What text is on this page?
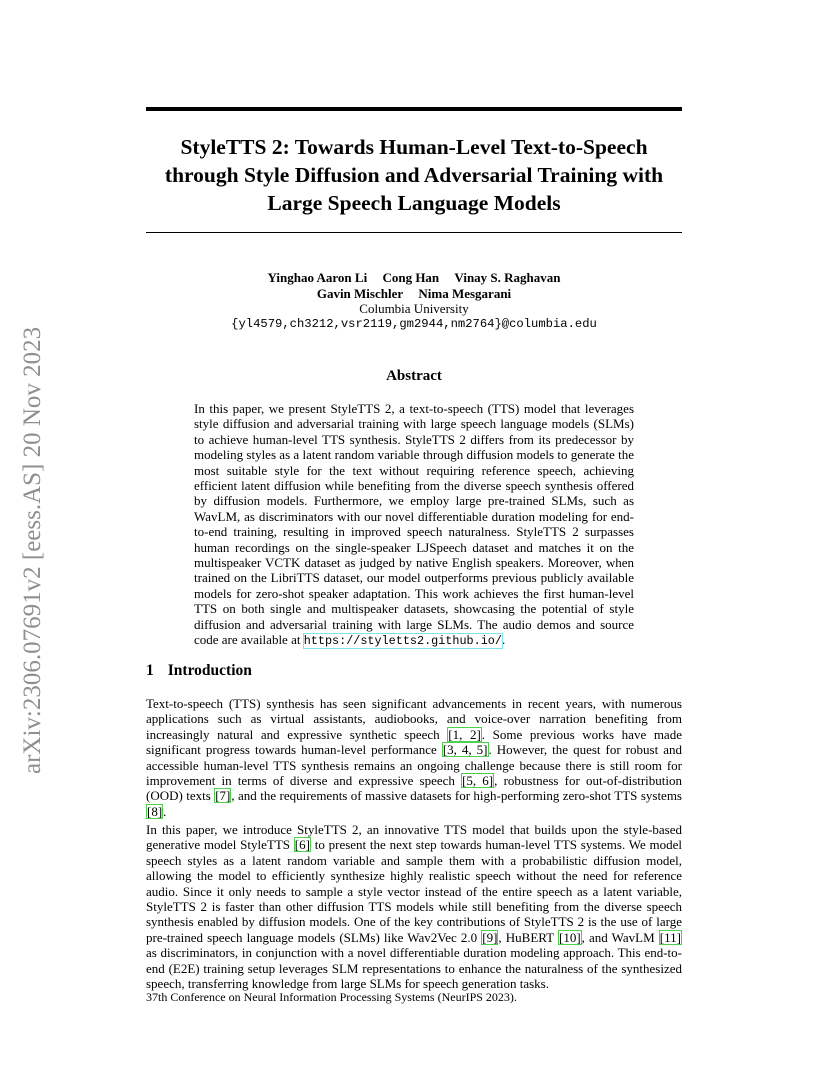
arXiv:2306.07691v2 [eess.AS] 20 Nov 2023
StyleTTS 2: Towards Human-Level Text-to-Speech
through Style Diffusion and Adversarial Training with
Large Speech Language Models
Yinghao Aaron Li Cong Han Vinay S. Raghavan
Gavin Mischler Nima Mesgarani
Columbia University
{yl4579,ch3212,vsr2119,gm2944,nm2764}@columbia.edu
Abstract
In this paper, we present StyleTTS 2, a text-to-speech (TTS) model that leverages style diffusion and adversarial training with large speech language models (SLMs) to achieve human-level TTS synthesis. StyleTTS 2 differs from its predecessor by modeling styles as a latent random variable through diffusion models to generate the most suitable style for the text without requiring reference speech, achieving efficient latent diffusion while benefiting from the diverse speech synthesis offered by diffusion models. Furthermore, we employ large pre-trained SLMs, such as WavLM, as discriminators with our novel differentiable duration modeling for end-to-end training, resulting in improved speech naturalness. StyleTTS 2 surpasses human recordings on the single-speaker LJSpeech dataset and matches it on the multispeaker VCTK dataset as judged by native English speakers. Moreover, when trained on the LibriTTS dataset, our model outperforms previous publicly available models for zero-shot speaker adaptation. This work achieves the first human-level TTS on both single and multispeaker datasets, showcasing the potential of style diffusion and adversarial training with large SLMs. The audio demos and source code are available at https://styletts2.github.io/.
1 Introduction
Text-to-speech (TTS) synthesis has seen significant advancements in recent years, with numerous applications such as virtual assistants, audiobooks, and voice-over narration benefiting from increasingly natural and expressive synthetic speech [1, 2]. Some previous works have made significant progress towards human-level performance [3, 4, 5]. However, the quest for robust and accessible human-level TTS synthesis remains an ongoing challenge because there is still room for improvement in terms of diverse and expressive speech [5, 6], robustness for out-of-distribution (OOD) texts [7], and the requirements of massive datasets for high-performing zero-shot TTS systems [8].
In this paper, we introduce StyleTTS 2, an innovative TTS model that builds upon the style-based generative model StyleTTS [6] to present the next step towards human-level TTS systems. We model speech styles as a latent random variable and sample them with a probabilistic diffusion model, allowing the model to efficiently synthesize highly realistic speech without the need for reference audio. Since it only needs to sample a style vector instead of the entire speech as a latent variable, StyleTTS 2 is faster than other diffusion TTS models while still benefiting from the diverse speech synthesis enabled by diffusion models. One of the key contributions of StyleTTS 2 is the use of large pre-trained speech language models (SLMs) like Wav2Vec 2.0 [9], HuBERT [10], and WavLM [11] as discriminators, in conjunction with a novel differentiable duration modeling approach. This end-to-end (E2E) training setup leverages SLM representations to enhance the naturalness of the synthesized speech, transferring knowledge from large SLMs for speech generation tasks.
37th Conference on Neural Information Processing Systems (NeurIPS 2023).
